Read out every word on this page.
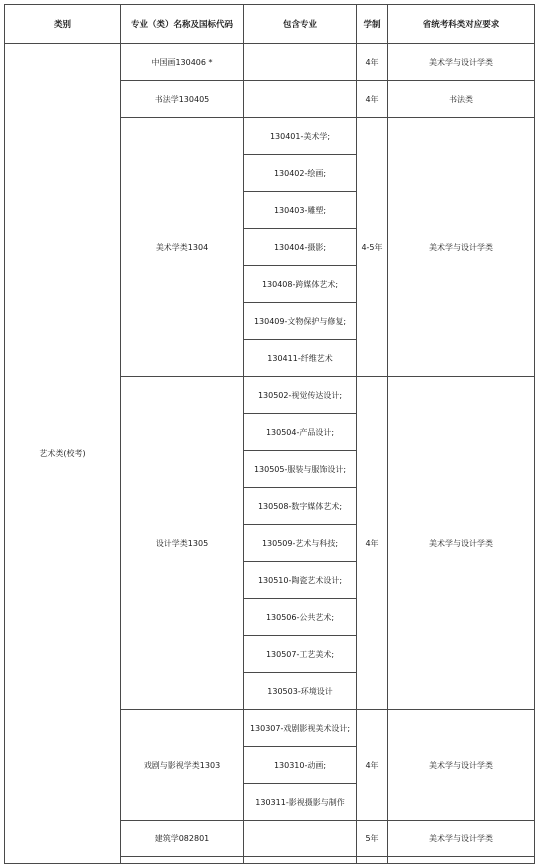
类别	专业（类）名称及国标代码	包含专业	学制	省统考科类对应要求	
艺术类(校考)	中国画130406 *		4年	美术学与设计学类	
	书法学130405		4年	书法类	
	美术学类1304	130401-美术学;	4-5年	美术学与设计学类	
		130402-绘画;			
		130403-雕塑;			
		130404-摄影;			
		130408-跨媒体艺术;			
		130409-文物保护与修复;			
		130411-纤维艺术			
	设计学类1305	130502-视觉传达设计;	4年	美术学与设计学类	
		130504-产品设计;			
		130505-服装与服饰设计;			
		130508-数字媒体艺术;			
		130509-艺术与科技;			
		130510-陶瓷艺术设计;			
		130506-公共艺术;			
		130507-工艺美术;			
		130503-环境设计			
	戏剧与影视学类1303	130307-戏剧影视美术设计;	4年	美术学与设计学类	
		130310-动画;			
		130311-影视摄影与制作			
	建筑学082801		5年	美术学与设计学类	
